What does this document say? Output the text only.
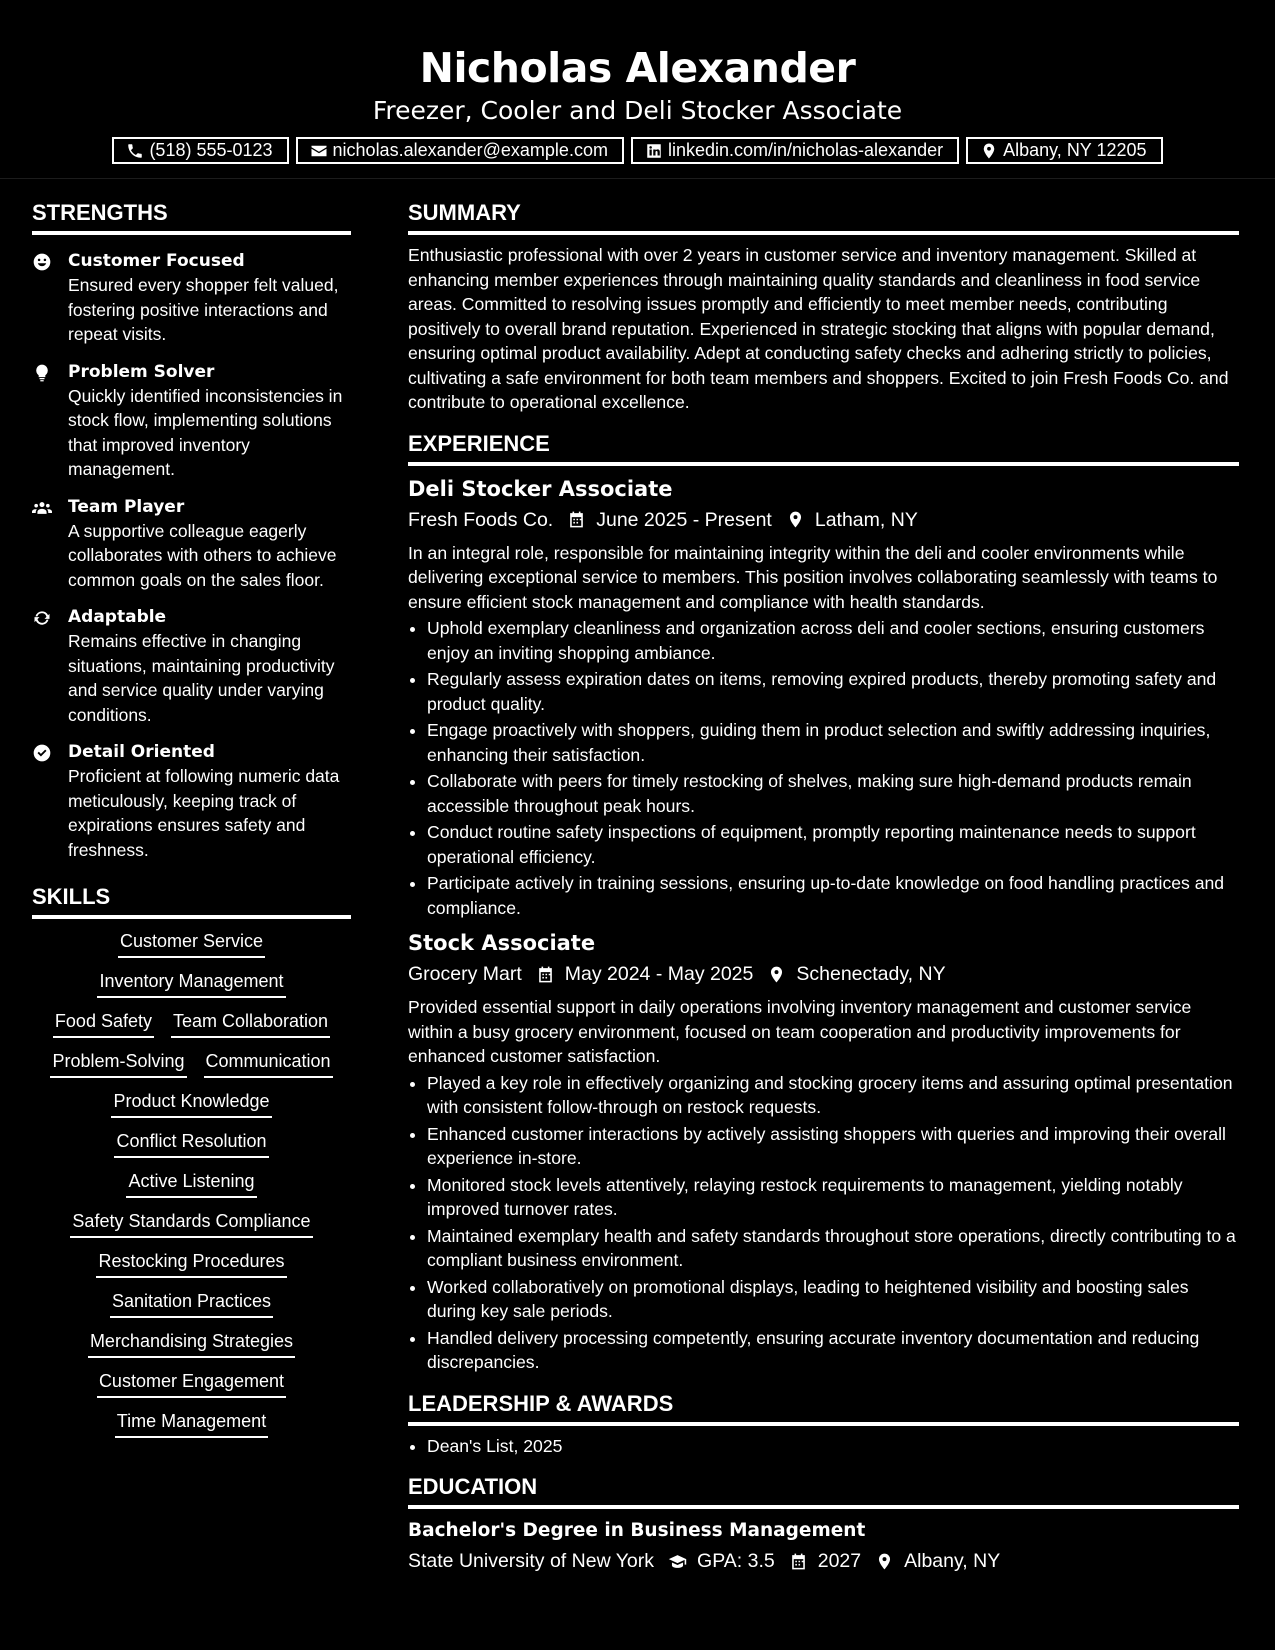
Nicholas Alexander
Freezer, Cooler and Deli Stocker Associate
(518) 555-0123	nicholas.alexander@example.com	linkedin.com/in/nicholas-alexander	Albany, NY 12205
STRENGTHS
Customer Focused
Ensured every shopper felt valued, fostering positive interactions and repeat visits.
Problem Solver
Quickly identified inconsistencies in stock flow, implementing solutions that improved inventory management.
Team Player
A supportive colleague eagerly collaborates with others to achieve common goals on the sales floor.
Adaptable
Remains effective in changing situations, maintaining productivity and service quality under varying conditions.
Detail Oriented
Proficient at following numeric data meticulously, keeping track of expirations ensures safety and freshness.
SKILLS
Customer Service
Inventory Management
Food Safety Team Collaboration
Problem-Solving Communication
Product Knowledge
Conflict Resolution
Active Listening
Safety Standards Compliance
Restocking Procedures
Sanitation Practices
Merchandising Strategies
Customer Engagement
Time Management
SUMMARY
Enthusiastic professional with over 2 years in customer service and inventory management. Skilled at enhancing member experiences through maintaining quality standards and cleanliness in food service areas. Committed to resolving issues promptly and efficiently to meet member needs, contributing positively to overall brand reputation. Experienced in strategic stocking that aligns with popular demand, ensuring optimal product availability. Adept at conducting safety checks and adhering strictly to policies, cultivating a safe environment for both team members and shoppers. Excited to join Fresh Foods Co. and contribute to operational excellence.
EXPERIENCE
Deli Stocker Associate
Fresh Foods Co. June 2025 - Present Latham, NY
In an integral role, responsible for maintaining integrity within the deli and cooler environments while delivering exceptional service to members. This position involves collaborating seamlessly with teams to ensure efficient stock management and compliance with health standards.
• Uphold exemplary cleanliness and organization across deli and cooler sections, ensuring customers enjoy an inviting shopping ambiance.
• Regularly assess expiration dates on items, removing expired products, thereby promoting safety and product quality.
• Engage proactively with shoppers, guiding them in product selection and swiftly addressing inquiries, enhancing their satisfaction.
• Collaborate with peers for timely restocking of shelves, making sure high-demand products remain accessible throughout peak hours.
• Conduct routine safety inspections of equipment, promptly reporting maintenance needs to support operational efficiency.
• Participate actively in training sessions, ensuring up-to-date knowledge on food handling practices and compliance.
Stock Associate
Grocery Mart May 2024 - May 2025 Schenectady, NY
Provided essential support in daily operations involving inventory management and customer service within a busy grocery environment, focused on team cooperation and productivity improvements for enhanced customer satisfaction.
• Played a key role in effectively organizing and stocking grocery items and assuring optimal presentation with consistent follow-through on restock requests.
• Enhanced customer interactions by actively assisting shoppers with queries and improving their overall experience in-store.
• Monitored stock levels attentively, relaying restock requirements to management, yielding notably improved turnover rates.
• Maintained exemplary health and safety standards throughout store operations, directly contributing to a compliant business environment.
• Worked collaboratively on promotional displays, leading to heightened visibility and boosting sales during key sale periods.
• Handled delivery processing competently, ensuring accurate inventory documentation and reducing discrepancies.
LEADERSHIP & AWARDS
• Dean's List, 2025
EDUCATION
Bachelor's Degree in Business Management
State University of New York GPA: 3.5 2027 Albany, NY
